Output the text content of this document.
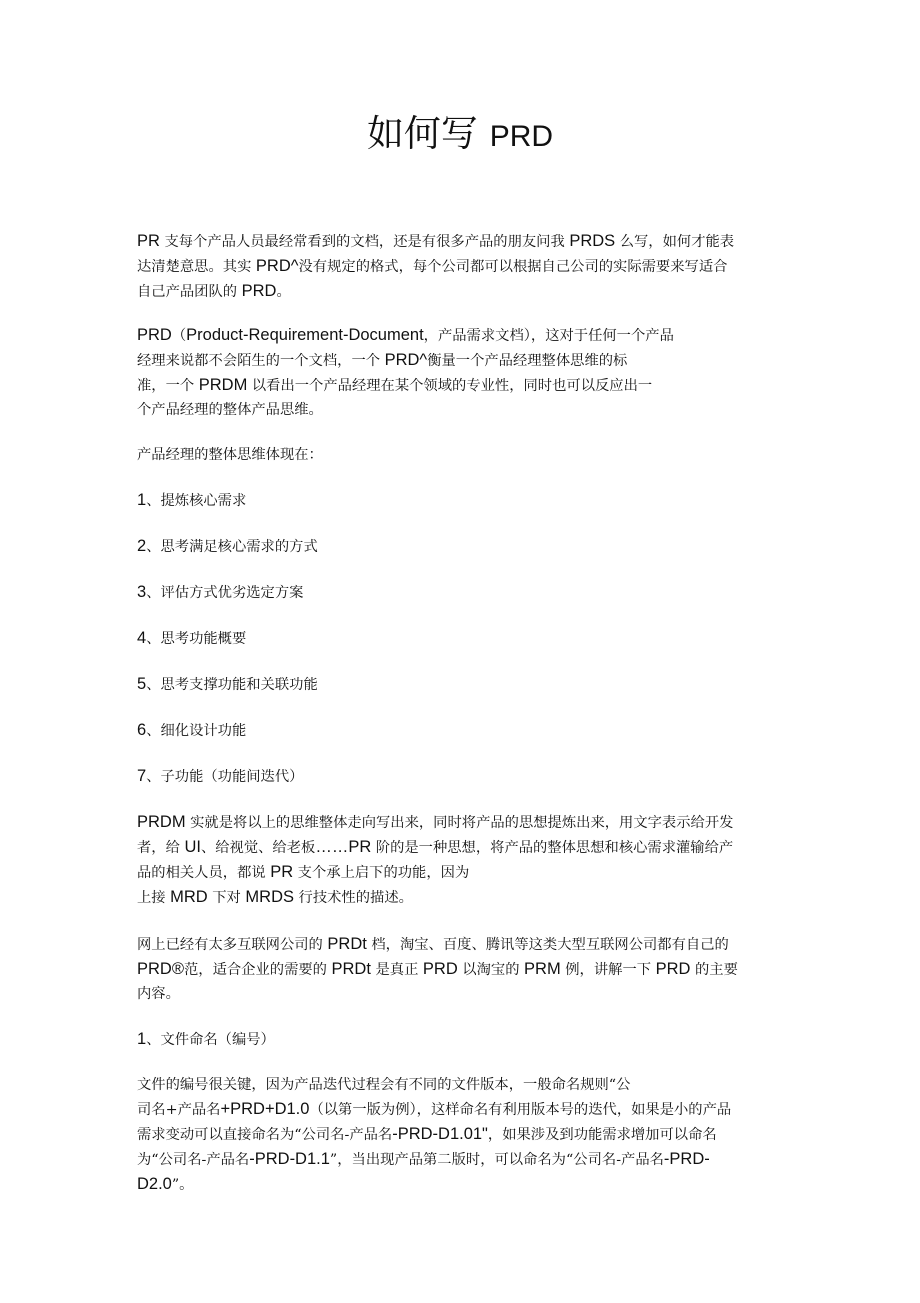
如何写 PRD

PR 支每个产品人员最经常看到的文档，还是有很多产品的朋友问我 PRDS 么写，如何才能表
达清楚意思。其实 PRD^没有规定的格式，每个公司都可以根据自己公司的实际需要来写适合
自己产品团队的 PRD。

PRD（Product-Requirement-Document，产品需求文档），这对于任何一个产品
经理来说都不会陌生的一个文档，一个 PRD^衡量一个产品经理整体思维的标
准，一个 PRDM 以看出一个产品经理在某个领域的专业性，同时也可以反应出一
个产品经理的整体产品思维。

产品经理的整体思维体现在：

1、提炼核心需求

2、思考满足核心需求的方式

3、评估方式优劣选定方案

4、思考功能概要

5、思考支撑功能和关联功能

6、细化设计功能

7、子功能（功能间迭代）

PRDM 实就是将以上的思维整体走向写出来，同时将产品的思想提炼出来，用文字表示给开发
者，给 UI、给视觉、给老板……PR 阶的是一种思想，将产品的整体思想和核心需求灌输给产
品的相关人员，都说 PR 支个承上启下的功能，因为
上接 MRD 下对 MRDS 行技术性的描述。

网上已经有太多互联网公司的 PRDt 档，淘宝、百度、腾讯等这类大型互联网公司都有自己的
PRD®范，适合企业的需要的 PRDt 是真正 PRD 以淘宝的 PRM 例，讲解一下 PRD 的主要
内容。

1、文件命名（编号）

文件的编号很关键，因为产品迭代过程会有不同的文件版本，一般命名规则“公
司名+产品名+PRD+D1.0（以第一版为例），这样命名有利用版本号的迭代，如果是小的产品
需求变动可以直接命名为“公司名-产品名-PRD-D1.01"，如果涉及到功能需求增加可以命名
为“公司名-产品名-PRD-D1.1”，当出现产品第二版时，可以命名为“公司名-产品名-PRD-
D2.0”。
